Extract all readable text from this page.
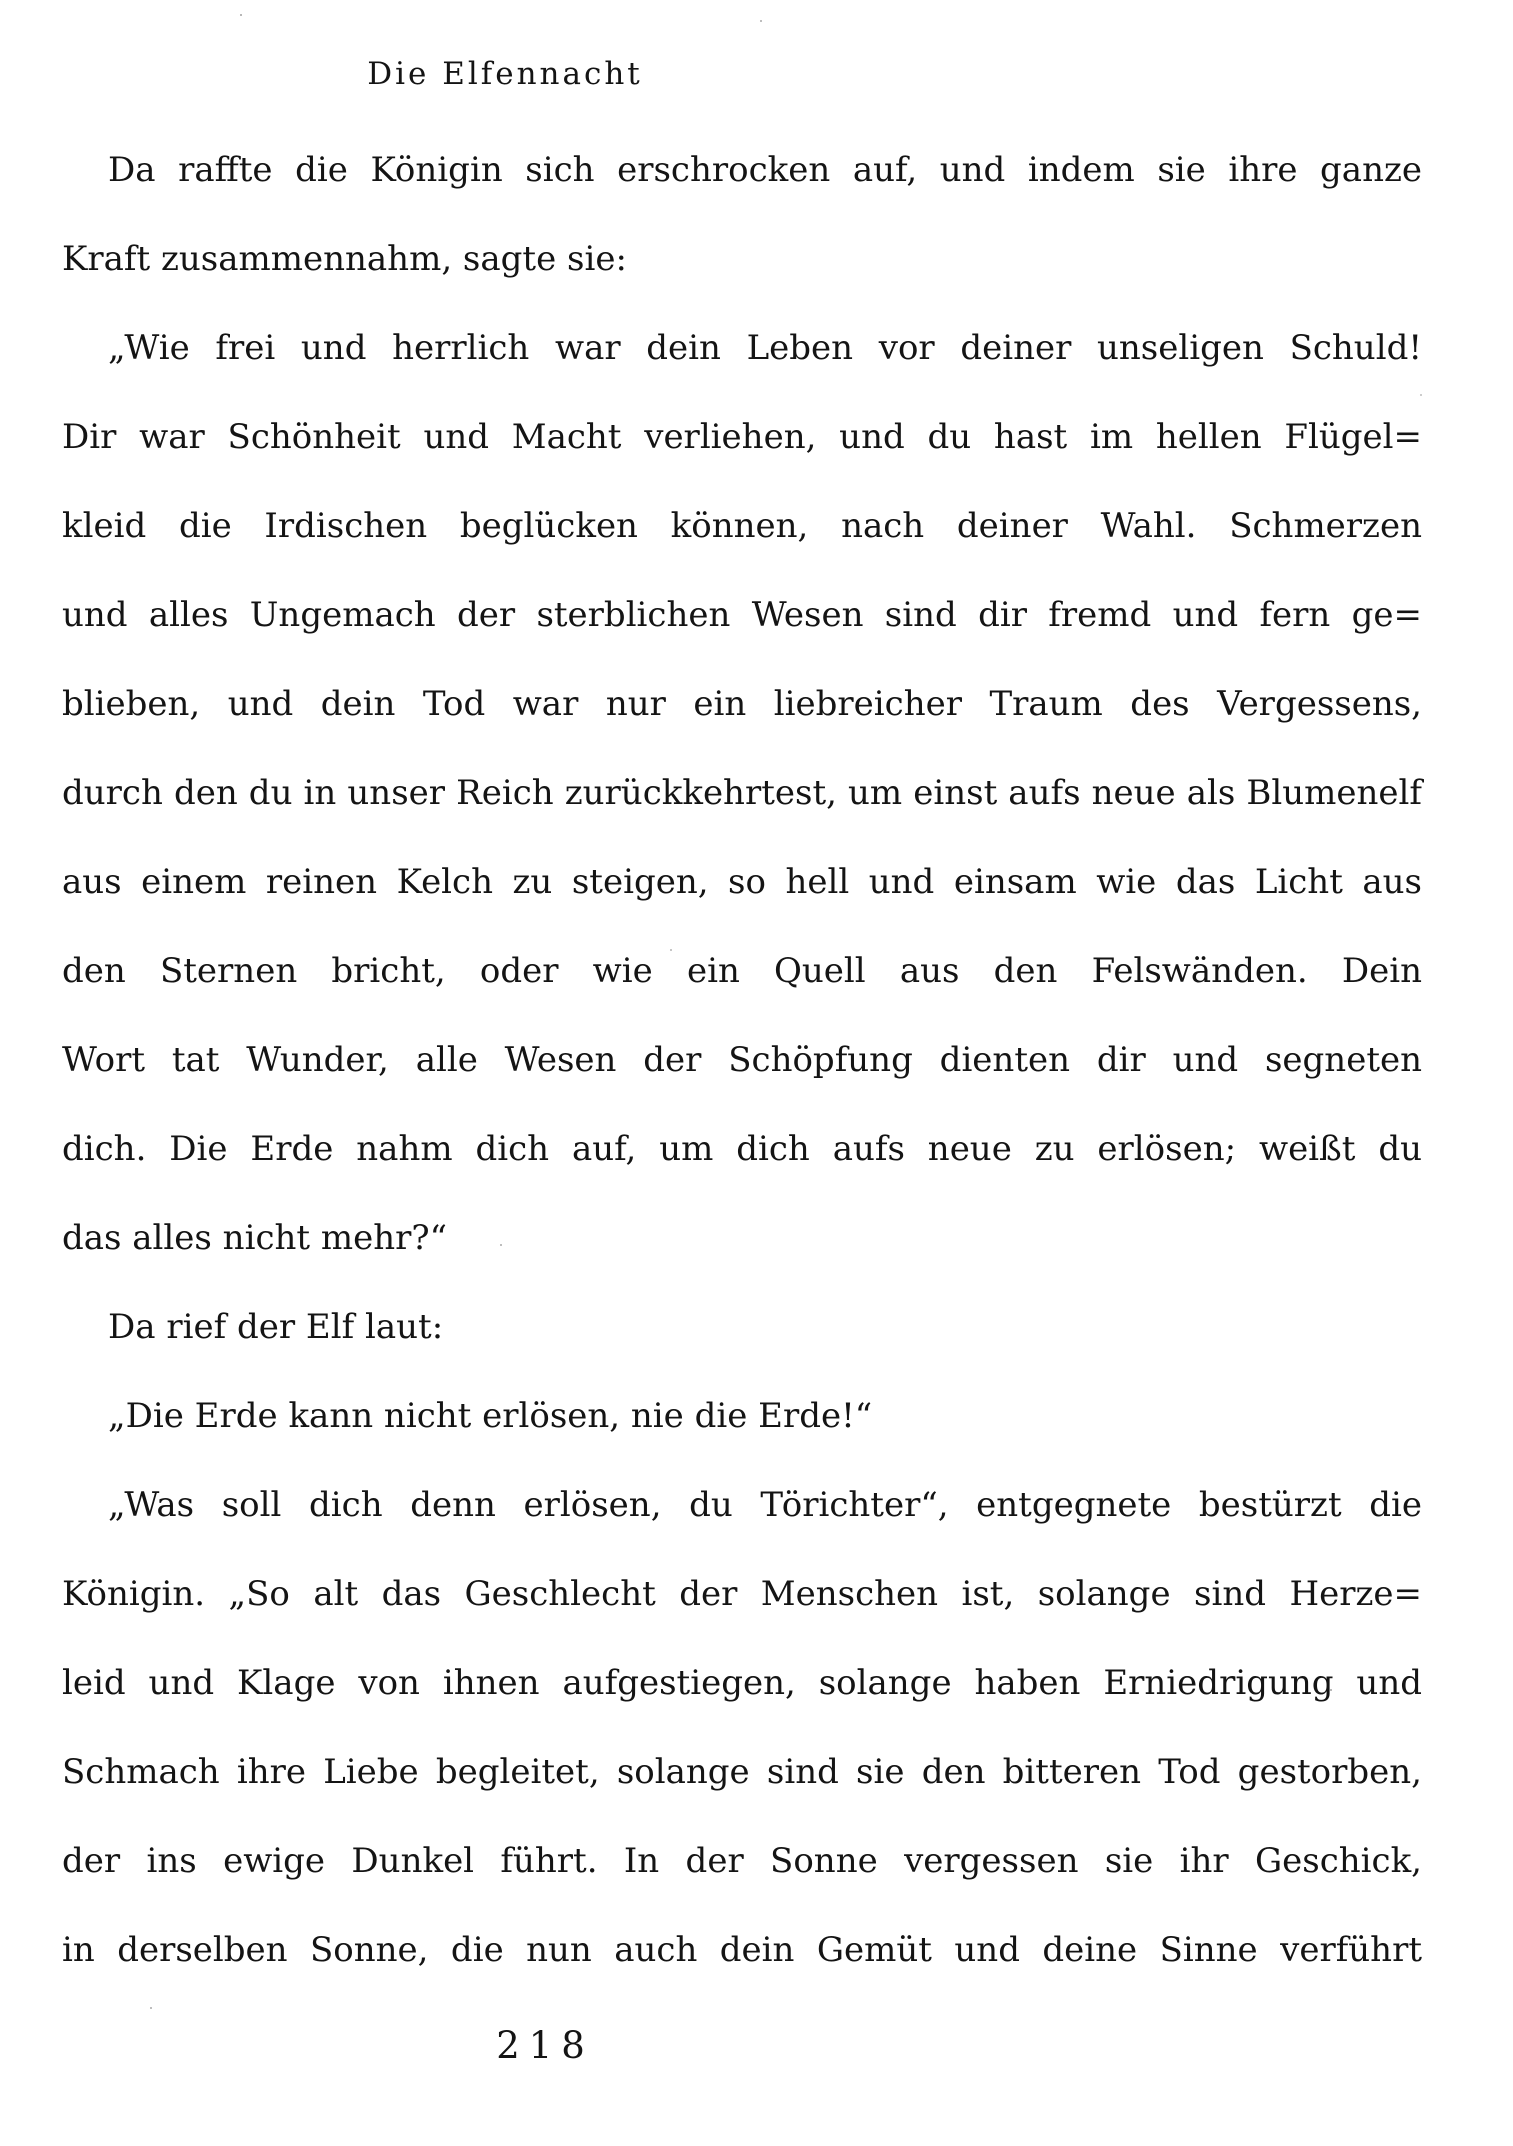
Die Elfennacht
Da raffte die Königin sich erschrocken auf, und indem sie ihre ganze
Kraft zusammennahm, sagte sie:
„Wie frei und herrlich war dein Leben vor deiner unseligen Schuld!
Dir war Schönheit und Macht verliehen, und du hast im hellen Flügel=
kleid die Irdischen beglücken können, nach deiner Wahl. Schmerzen
und alles Ungemach der sterblichen Wesen sind dir fremd und fern ge=
blieben, und dein Tod war nur ein liebreicher Traum des Vergessens,
durch den du in unser Reich zurückkehrtest, um einst aufs neue als Blumenelf
aus einem reinen Kelch zu steigen, so hell und einsam wie das Licht aus
den Sternen bricht, oder wie ein Quell aus den Felswänden. Dein
Wort tat Wunder, alle Wesen der Schöpfung dienten dir und segneten
dich. Die Erde nahm dich auf, um dich aufs neue zu erlösen; weißt du
das alles nicht mehr?“
Da rief der Elf laut:
„Die Erde kann nicht erlösen, nie die Erde!“
„Was soll dich denn erlösen, du Törichter“, entgegnete bestürzt die
Königin. „So alt das Geschlecht der Menschen ist, solange sind Herze=
leid und Klage von ihnen aufgestiegen, solange haben Erniedrigung und
Schmach ihre Liebe begleitet, solange sind sie den bitteren Tod gestorben,
der ins ewige Dunkel führt. In der Sonne vergessen sie ihr Geschick,
in derselben Sonne, die nun auch dein Gemüt und deine Sinne verführt
218
